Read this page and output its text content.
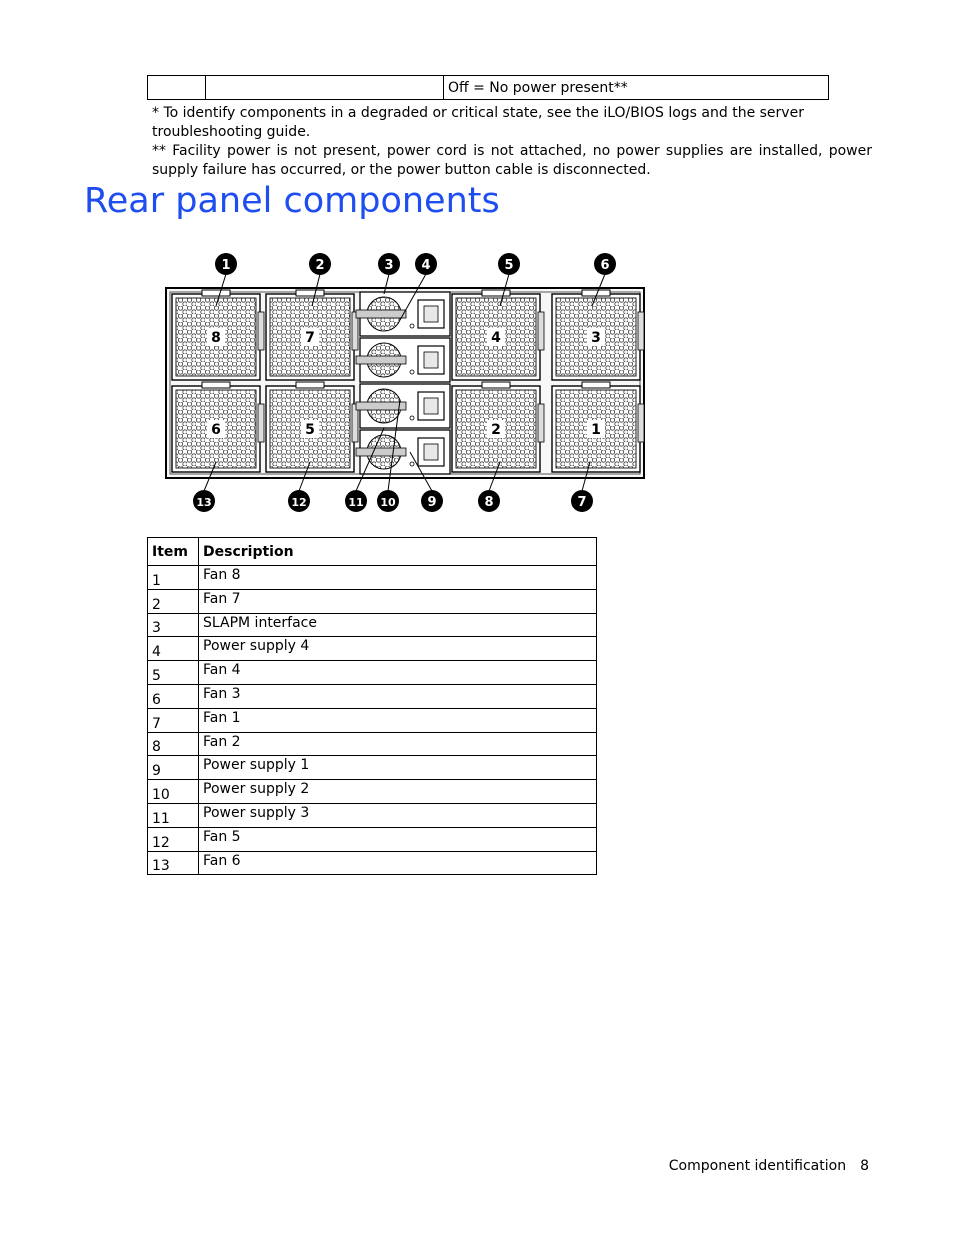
		Off = No power present**

* To identify components in a degraded or critical state, see the iLO/BIOS logs and the server troubleshooting guide.

** Facility power is not present, power cord is not attached, no power supplies are installed, power supply failure has occurred, or the power button cable is disconnected.

Rear panel components
8	7	4	3
6	5	2	1
1	2	3 4	5	6
13	12	11 10 9	8	7
Item	Description
1	Fan 8
2	Fan 7
3	SLAPM interface
4	Power supply 4
5	Fan 4
6	Fan 3
7	Fan 1
8	Fan 2
9	Power supply 1
10	Power supply 2
11	Power supply 3
12	Fan 5
13	Fan 6
Component identification 8
